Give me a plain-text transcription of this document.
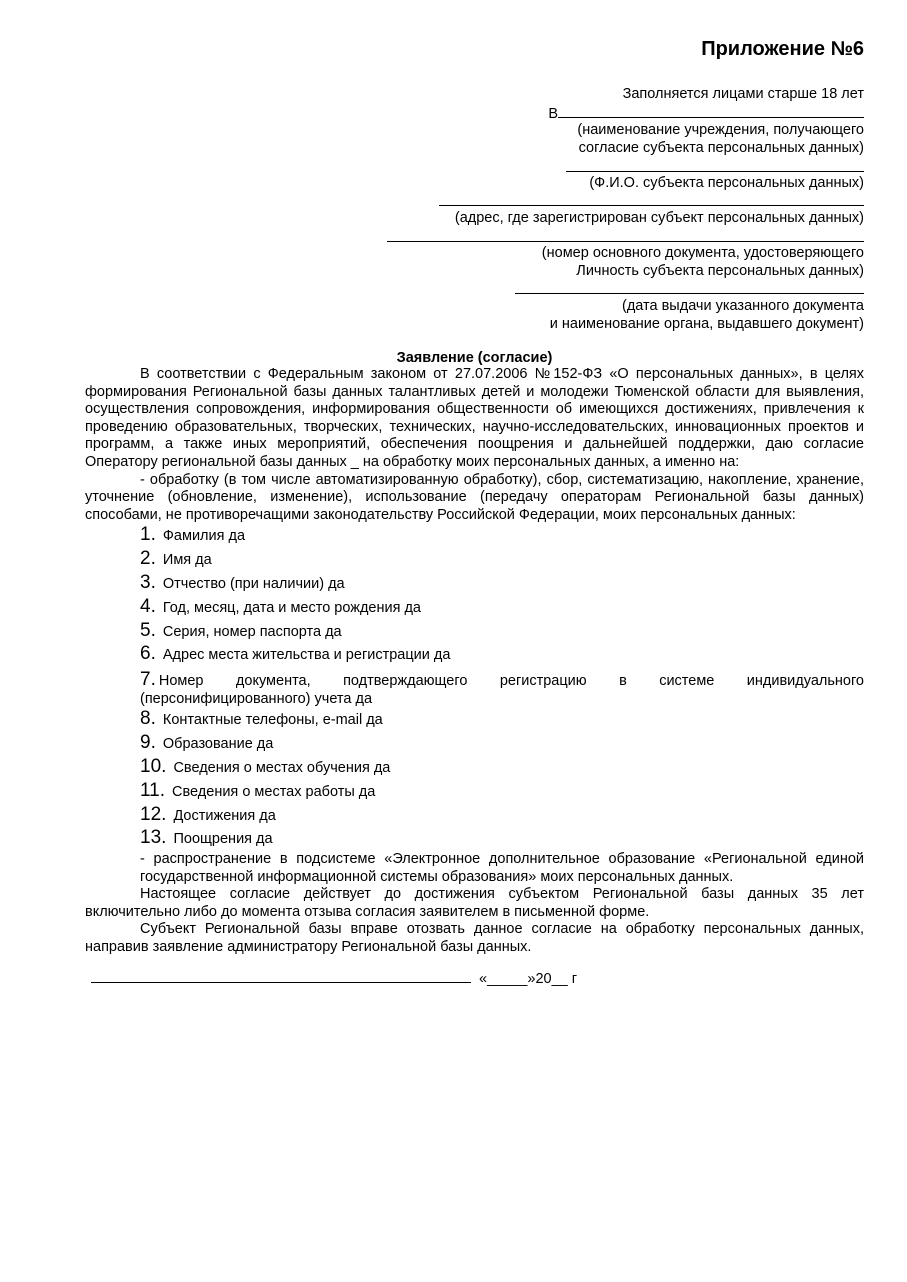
Приложение №6
Заполняется лицами старше 18 лет
В
(наименование учреждения, получающего
согласие субъекта персональных данных)
(Ф.И.О. субъекта персональных данных)
(адрес, где зарегистрирован субъект персональных данных)
(номер основного документа, удостоверяющего
Личность субъекта персональных данных)
(дата выдачи указанного документа
и наименование органа, выдавшего документ)
Заявление (согласие)

В соответствии с Федеральным законом от 27.07.2006 №152-ФЗ «О персональных данных», в целях формирования Региональной базы данных талантливых детей и молодежи Тюменской области для выявления, осуществления сопровождения, информирования общественности об имеющихся достижениях, привлечения к проведению образовательных, творческих, технических, научно-исследовательских, инновационных проектов и программ, а также иных мероприятий, обеспечения поощрения и дальнейшей поддержки, даю согласие Оператору региональной базы данных _ на обработку моих персональных данных, а именно на:

- обработку (в том числе автоматизированную обработку), сбор, систематизацию, накопление, хранение, уточнение (обновление, изменение), использование (передачу операторам Региональной базы данных) способами, не противоречащими законодательству Российской Федерации, моих персональных данных:

1. Фамилия да
2. Имя да
3. Отчество (при наличии) да
4. Год, месяц, дата и место рождения да
5. Серия, номер паспорта да
6. Адрес места жительства и регистрации да
7. Номер документа, подтверждающего регистрацию в системе индивидуального (персонифицированного) учета да
8. Контактные телефоны, e-mail да
9. Образование да
10. Сведения о местах обучения да
11. Сведения о местах работы да
12. Достижения да
13. Поощрения да

- распространение в подсистеме «Электронное дополнительное образование «Региональной единой государственной информационной системы образования» моих персональных данных.

Настоящее согласие действует до достижения субъектом Региональной базы данных 35 лет включительно либо до момента отзыва согласия заявителем в письменной форме.

Субъект Региональной базы вправе отозвать данное согласие на обработку персональных данных, направив заявление администратору Региональной базы данных.

«_____»20__ г
